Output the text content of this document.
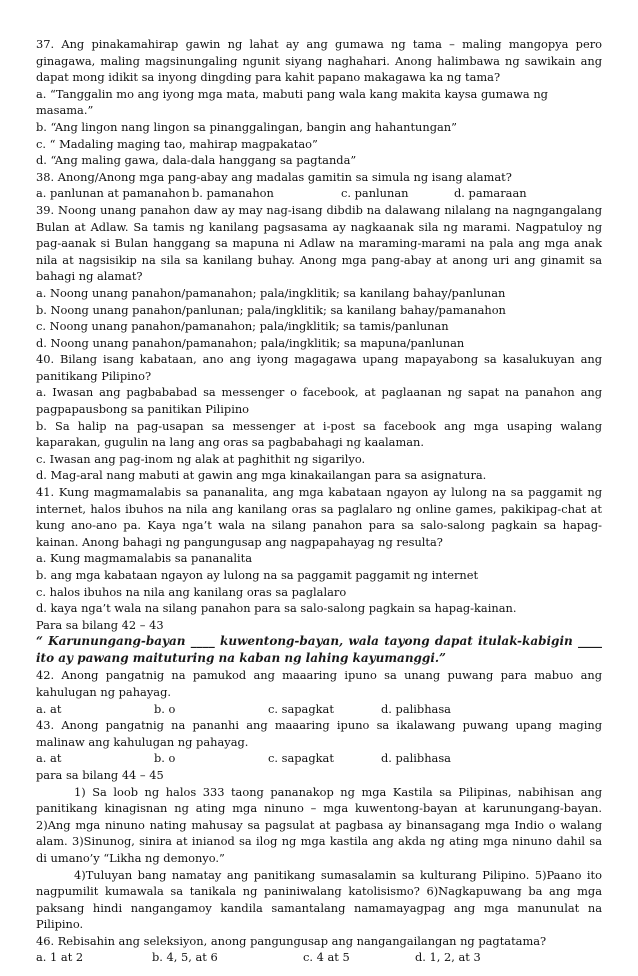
37. Ang pinakamahirap gawin ng lahat ay ang gumawa ng tama – maling mangopya pero ginagawa, maling magsinungaling ngunit siyang naghahari. Anong halimbawa ng sawikain ang dapat mong idikit sa inyong dingding para kahit papano makagawa ka ng tama?

a. “Tanggalin mo ang iyong mga mata, mabuti pang wala kang makita kaysa gumawa ng masama.”

b. “Ang lingon nang lingon sa pinanggalingan, bangin ang hahantungan”

c. “ Madaling maging tao, mahirap magpakatao”

d. “Ang maling gawa, dala-dala hanggang sa pagtanda”

38. Anong/Anong mga pang-abay ang madalas gamitin sa simula ng isang alamat?

a. panlunan at pamanahon b. pamanahon	c. panlunan	d. pamaraan

39. Noong unang panahon daw ay may nag-isang dibdib na dalawang nilalang na nagngangalang Bulan at Adlaw. Sa tamis ng kanilang pagsasama ay nagkaanak sila ng marami. Nagpatuloy ng pag-aanak si Bulan hanggang sa mapuna ni Adlaw na maraming-marami na pala ang mga anak nila at nagsisikip na sila sa kanilang buhay. Anong mga pang-abay at anong uri ang ginamit sa bahagi ng alamat?

a. Noong unang panahon/pamanahon; pala/ingklitik; sa kanilang bahay/panlunan

b. Noong unang panahon/panlunan; pala/ingklitik; sa kanilang bahay/pamanahon

c. Noong unang panahon/pamanahon; pala/ingklitik; sa tamis/panlunan

d. Noong unang panahon/pamanahon; pala/ingklitik; sa mapuna/panlunan

40. Bilang isang kabataan, ano ang iyong magagawa upang mapayabong sa kasalukuyan ang panitikang Pilipino?

a. Iwasan ang pagbababad sa messenger o facebook, at paglaanan ng sapat na panahon ang pagpapausbong sa panitikan Pilipino

b. Sa halip na pag-usapan sa messenger at i-post sa facebook ang mga usaping walang kaparakan, gugulin na lang ang oras sa pagbabahagi ng kaalaman.

c. Iwasan ang pag-inom ng alak at paghithit ng sigarilyo.

d. Mag-aral nang mabuti at gawin ang mga kinakailangan para sa asignatura.

41. Kung magmamalabis sa pananalita, ang mga kabataan ngayon ay lulong na sa paggamit ng internet, halos ibuhos na nila ang kanilang oras sa paglalaro ng online games, pakikipag-chat at kung ano-ano pa. Kaya nga’t wala na silang panahon para sa salo-salong pagkain sa hapag-kainan. Anong bahagi ng pangungusap ang nagpapahayag ng resulta?

a. Kung magmamalabis sa pananalita

b. ang mga kabataan ngayon ay lulong na sa paggamit paggamit ng internet

c. halos ibuhos na nila ang kanilang oras sa paglalaro

d. kaya nga’t wala na silang panahon para sa salo-salong pagkain sa hapag-kainan.

Para sa bilang 42 – 43

“ Karunungang-bayan ____ kuwentong-bayan, wala tayong dapat itulak-kabigin ____ ito ay pawang maituturing na kaban ng lahing kayumanggi.”

42. Anong pangatnig na pamukod ang maaaring ipuno sa unang puwang para mabuo ang kahulugan ng pahayag.

a. at	b. o	c. sapagkat	d. palibhasa

43. Anong pangatnig na pananhi ang maaaring ipuno sa ikalawang puwang upang maging malinaw ang kahulugan ng pahayag.

a. at	b. o	c. sapagkat	d. palibhasa

para sa bilang 44 – 45

1) Sa loob ng halos 333 taong pananakop ng mga Kastila sa Pilipinas, nabihisan ang panitikang kinagisnan ng ating mga ninuno – mga kuwentong-bayan at karunungang-bayan. 2)Ang mga ninuno nating mahusay sa pagsulat at pagbasa ay binansagang mga Indio o walang alam. 3)Sinunog, sinira at inianod sa ilog ng mga kastila ang akda ng ating mga ninuno dahil sa di umano’y “Likha ng demonyo.”

4)Tuluyan bang namatay ang panitikang sumasalamin sa kulturang Pilipino. 5)Paano ito nagpumilit kumawala sa tanikala ng paniniwalang katolisismo? 6)Nagkapuwang ba ang mga paksang hindi nangangamoy kandila samantalang namamayagpag ang mga manunulat na Pilipino.

46. Rebisahin ang seleksiyon, anong pangungusap ang nangangailangan ng pagtatama?

a. 1 at 2	b. 4, 5, at 6	c. 4 at 5	d. 1, 2, at 3
